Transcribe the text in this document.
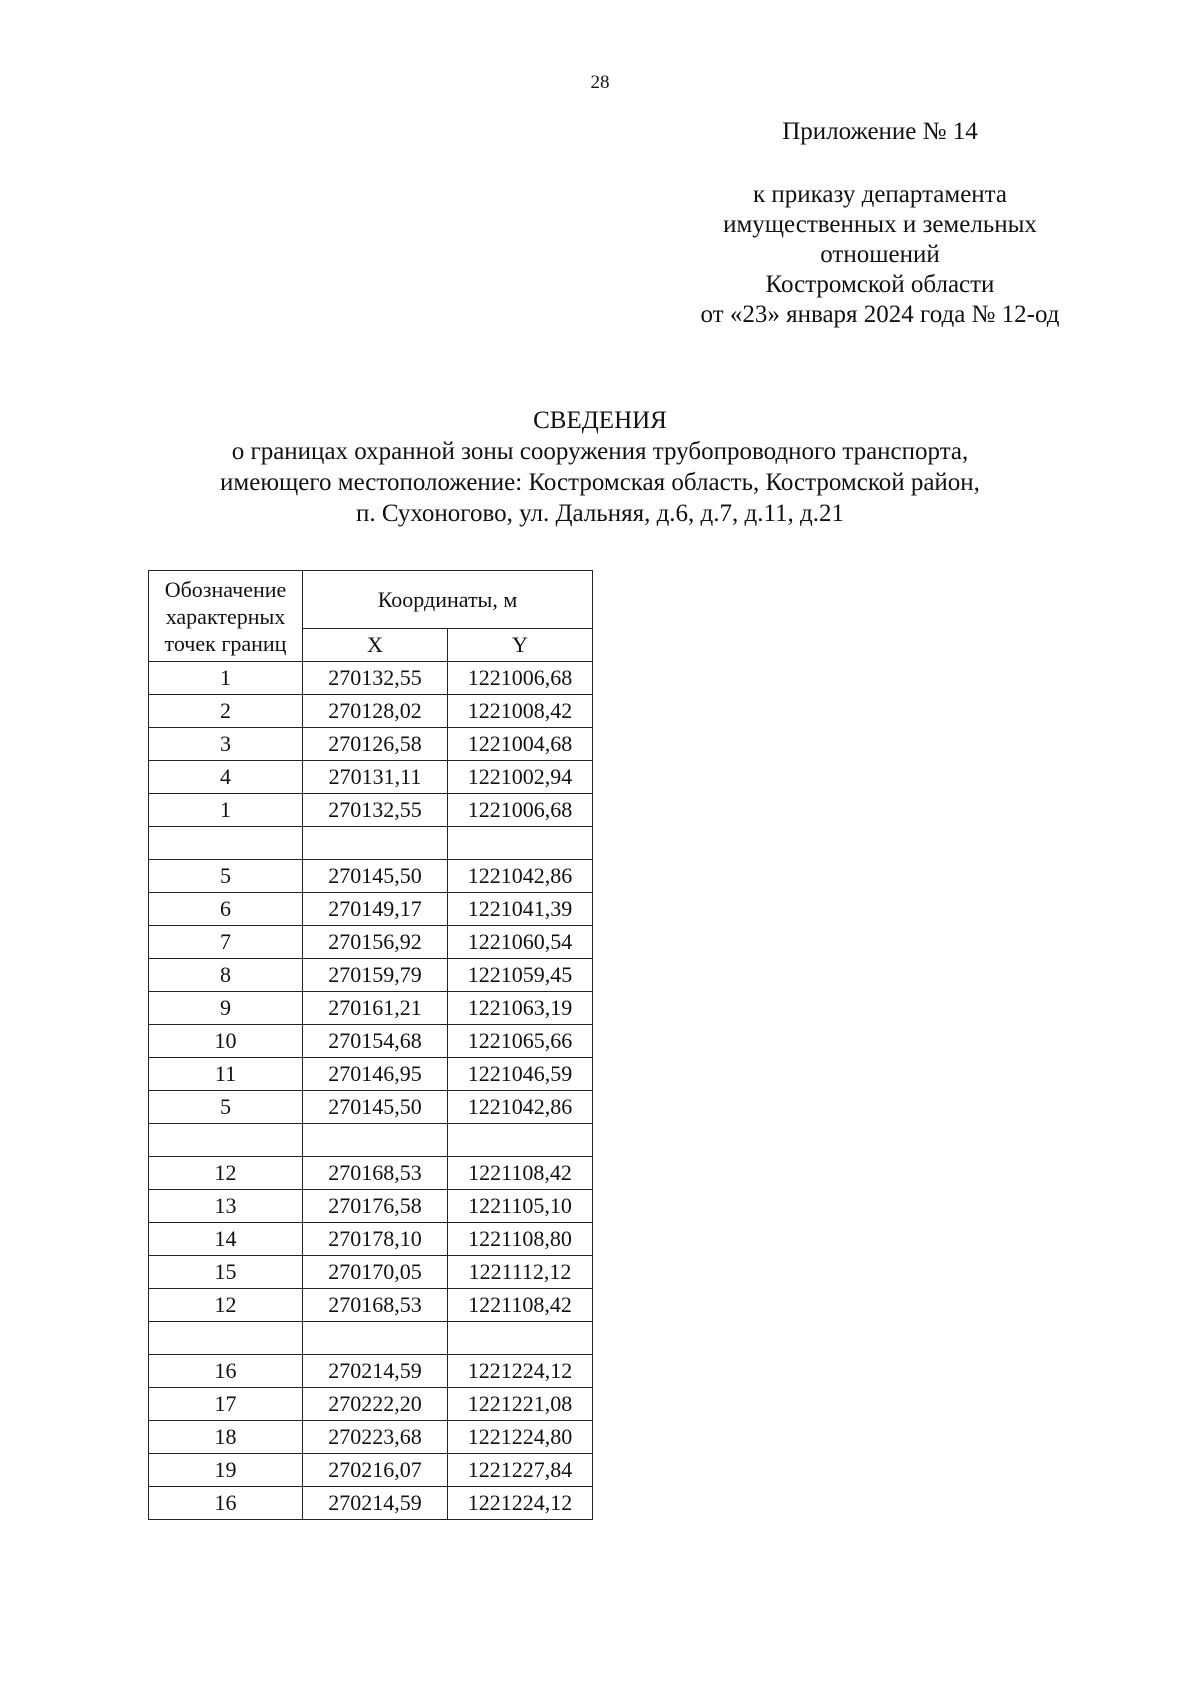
28
Приложение № 14
к приказу департамента
имущественных и земельных
отношений
Костромской области
от «23» января 2024 года № 12-од
СВЕДЕНИЯ
о границах охранной зоны сооружения трубопроводного транспорта,
имеющего местоположение: Костромская область, Костромской район,
п. Сухоногово, ул. Дальняя, д.6, д.7, д.11, д.21
Обозначение
характерных
точек границ	Координаты, м	
	X	Y
1	270132,55	1221006,68
2	270128,02	1221008,42
3	270126,58	1221004,68
4	270131,11	1221002,94
1	270132,55	1221006,68

5	270145,50	1221042,86
6	270149,17	1221041,39
7	270156,92	1221060,54
8	270159,79	1221059,45
9	270161,21	1221063,19
10	270154,68	1221065,66
11	270146,95	1221046,59
5	270145,50	1221042,86

12	270168,53	1221108,42
13	270176,58	1221105,10
14	270178,10	1221108,80
15	270170,05	1221112,12
12	270168,53	1221108,42

16	270214,59	1221224,12
17	270222,20	1221221,08
18	270223,68	1221224,80
19	270216,07	1221227,84
16	270214,59	1221224,12
